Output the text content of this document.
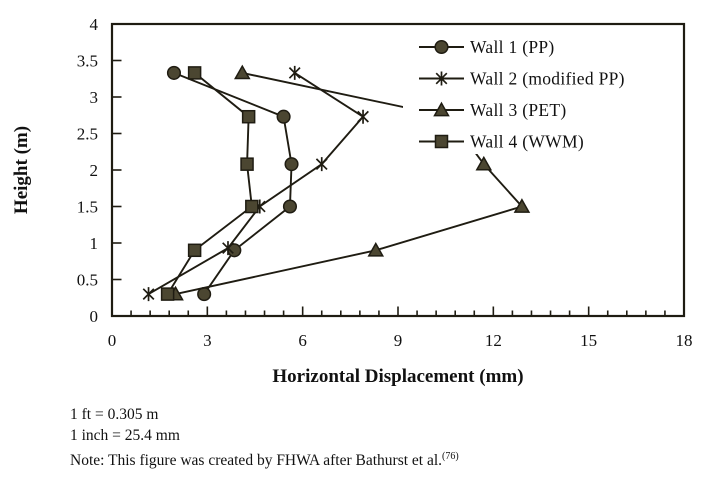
Wall 1 (PP)
Wall 2 (modified PP)
Wall 3 (PET)
Wall 4 (WWM)
0	3	6	9	12	15	18
0
0.5
1
1.5
2
2.5
3
3.5
4
Horizontal Displacement (mm)
Height (m)
1 ft = 0.305 m
1 inch = 25.4 mm
Note: This figure was created by FHWA after Bathurst et al.$^{(76)}$
